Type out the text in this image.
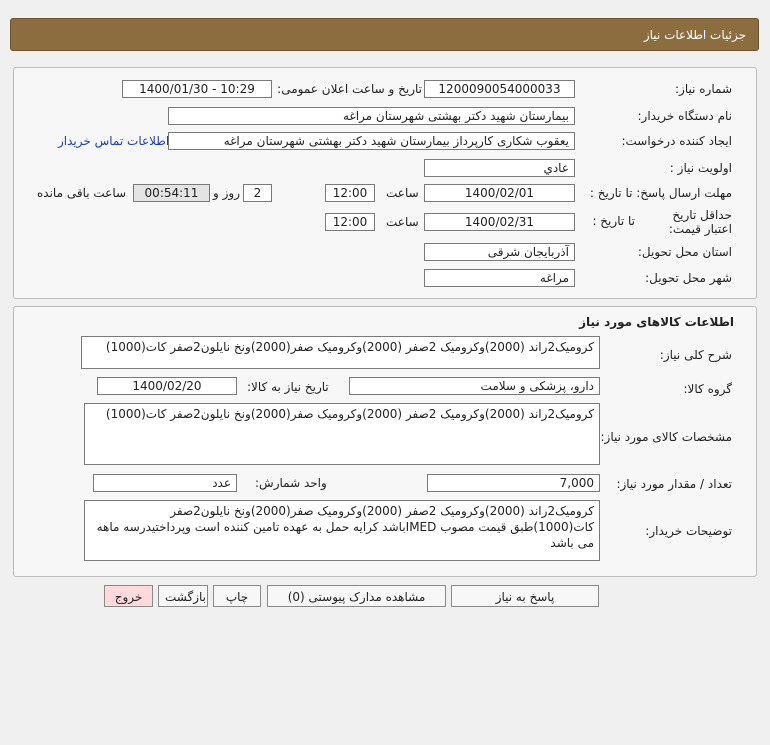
جزئیات اطلاعات نیاز
شماره نیاز:
1200090054000033
تاریخ و ساعت اعلان عمومی:
1400/01/30 - 10:29
نام دستگاه خریدار:
بیمارستان شهید دکتر بهشتی شهرستان مراغه
ایجاد کننده درخواست:
یعقوب شکاری کارپرداز بیمارستان شهید دکتر بهشتی شهرستان مراغه
اطلاعات تماس خریدار
اولویت نیاز :
عادي
مهلت ارسال پاسخ: تا تاریخ :
1400/02/01
ساعت
12:00
2
روز و
00:54:11
ساعت باقی مانده
حداقل تاریخ اعتبار قیمت:
تا تاریخ :
1400/02/31
ساعت
12:00
استان محل تحویل:
آذربایجان شرقی
شهر محل تحویل:
مراغه
اطلاعات کالاهای مورد نیاز
شرح کلی نیاز:
کرومیک2راند (2000)وکرومیک 2صفر (2000)وکرومیک صفر(2000)ونخ نایلون2صفر کات(1000)
گروه کالا:
دارو، پزشکی و سلامت
تاریخ نیاز به کالا:
1400/02/20
مشخصات کالای مورد نیاز:
کرومیک2راند (2000)وکرومیک 2صفر (2000)وکرومیک صفر(2000)ونخ نایلون2صفر کات(1000)
تعداد / مقدار مورد نیاز:
7,000
واحد شمارش:
عدد
توضیحات خریدار:
کرومیک2راند (2000)وکرومیک 2صفر (2000)وکرومیک صفر(2000)ونخ نایلون2صفر کات(1000)طبق قیمت مصوب IMEDباشد کرایه حمل به عهده تامین کننده است وپرداختیدرسه ماهه می باشد
پاسخ به نیاز
مشاهده مدارک پیوستی (0)
چاپ
بازگشت
خروج
